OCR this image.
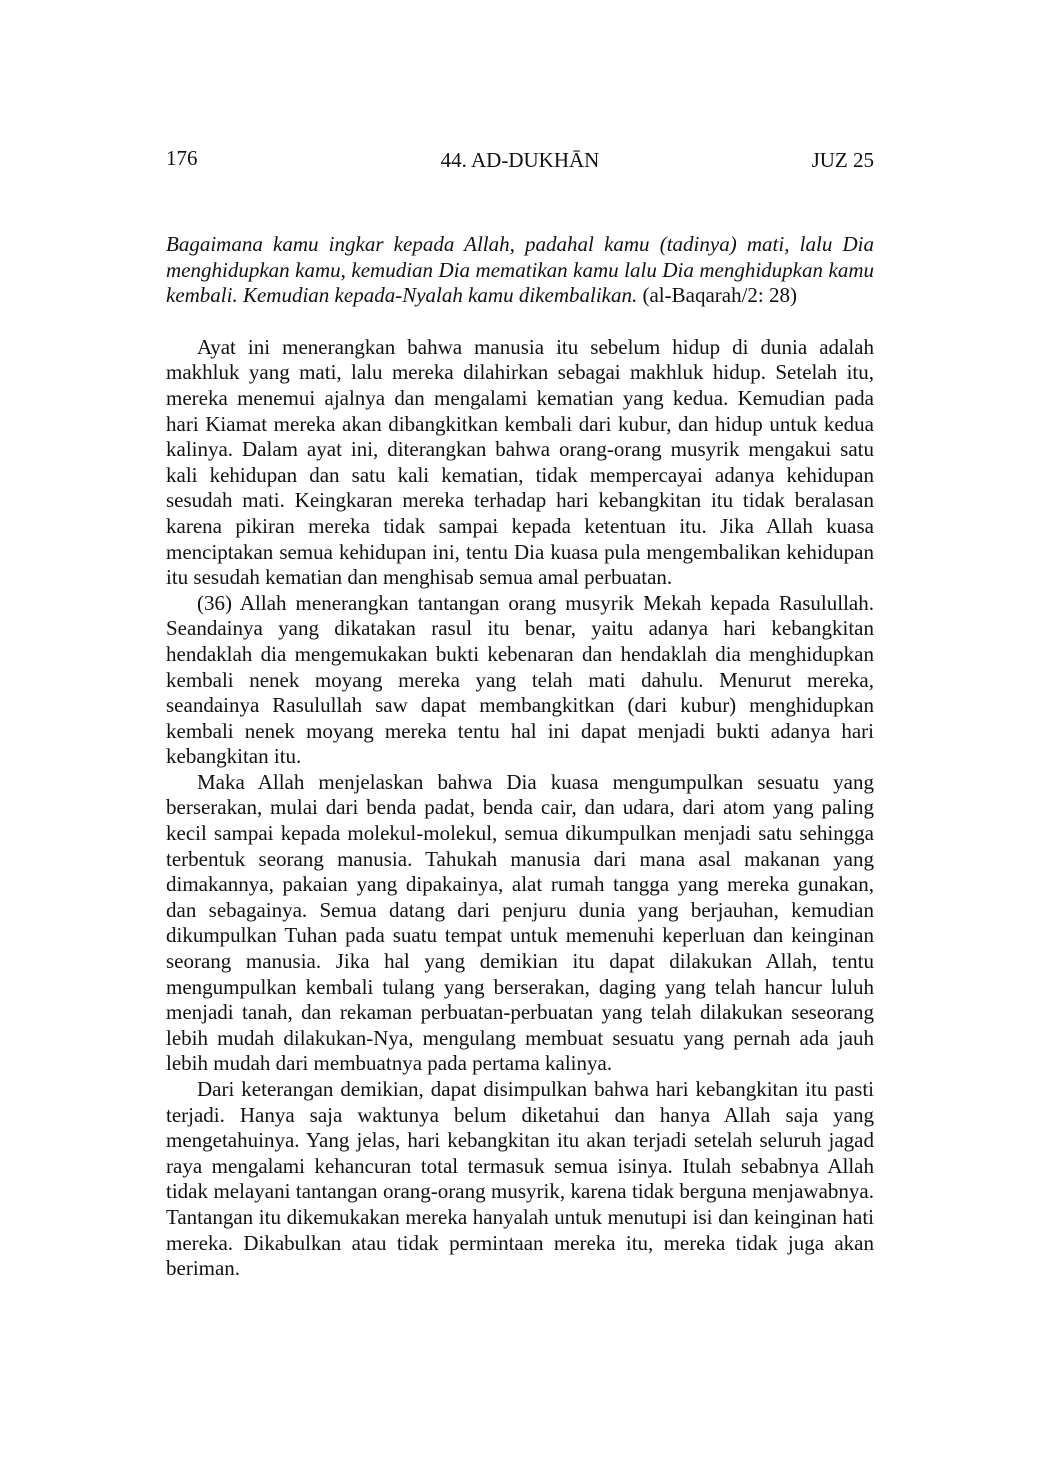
176	44. AD-DUKHĀN	JUZ 25

Bagaimana kamu ingkar kepada Allah, padahal kamu (tadinya) mati, lalu Dia menghidupkan kamu, kemudian Dia mematikan kamu lalu Dia menghidupkan kamu kembali. Kemudian kepada-Nyalah kamu dikembalikan. (al-Baqarah/2: 28)

Ayat ini menerangkan bahwa manusia itu sebelum hidup di dunia adalah makhluk yang mati, lalu mereka dilahirkan sebagai makhluk hidup. Setelah itu, mereka menemui ajalnya dan mengalami kematian yang kedua. Kemudian pada hari Kiamat mereka akan dibangkitkan kembali dari kubur, dan hidup untuk kedua kalinya. Dalam ayat ini, diterangkan bahwa orang-orang musyrik mengakui satu kali kehidupan dan satu kali kematian, tidak mempercayai adanya kehidupan sesudah mati. Keingkaran mereka terhadap hari kebangkitan itu tidak beralasan karena pikiran mereka tidak sampai kepada ketentuan itu. Jika Allah kuasa menciptakan semua kehidupan ini, tentu Dia kuasa pula mengembalikan kehidupan itu sesudah kematian dan menghisab semua amal perbuatan.

(36) Allah menerangkan tantangan orang musyrik Mekah kepada Rasulullah. Seandainya yang dikatakan rasul itu benar, yaitu adanya hari kebangkitan hendaklah dia mengemukakan bukti kebenaran dan hendaklah dia menghidupkan kembali nenek moyang mereka yang telah mati dahulu. Menurut mereka, seandainya Rasulullah saw dapat membangkitkan (dari kubur) menghidupkan kembali nenek moyang mereka tentu hal ini dapat menjadi bukti adanya hari kebangkitan itu.

Maka Allah menjelaskan bahwa Dia kuasa mengumpulkan sesuatu yang berserakan, mulai dari benda padat, benda cair, dan udara, dari atom yang paling kecil sampai kepada molekul-molekul, semua dikumpulkan menjadi satu sehingga terbentuk seorang manusia. Tahukah manusia dari mana asal makanan yang dimakannya, pakaian yang dipakainya, alat rumah tangga yang mereka gunakan, dan sebagainya. Semua datang dari penjuru dunia yang berjauhan, kemudian dikumpulkan Tuhan pada suatu tempat untuk memenuhi keperluan dan keinginan seorang manusia. Jika hal yang demikian itu dapat dilakukan Allah, tentu mengumpulkan kembali tulang yang berserakan, daging yang telah hancur luluh menjadi tanah, dan rekaman perbuatan-perbuatan yang telah dilakukan seseorang lebih mudah dilakukan-Nya, mengulang membuat sesuatu yang pernah ada jauh lebih mudah dari membuatnya pada pertama kalinya.

Dari keterangan demikian, dapat disimpulkan bahwa hari kebangkitan itu pasti terjadi. Hanya saja waktunya belum diketahui dan hanya Allah saja yang mengetahuinya. Yang jelas, hari kebangkitan itu akan terjadi setelah seluruh jagad raya mengalami kehancuran total termasuk semua isinya. Itulah sebabnya Allah tidak melayani tantangan orang-orang musyrik, karena tidak berguna menjawabnya. Tantangan itu dikemukakan mereka hanyalah untuk menutupi isi dan keinginan hati mereka. Dikabulkan atau tidak permintaan mereka itu, mereka tidak juga akan beriman.
